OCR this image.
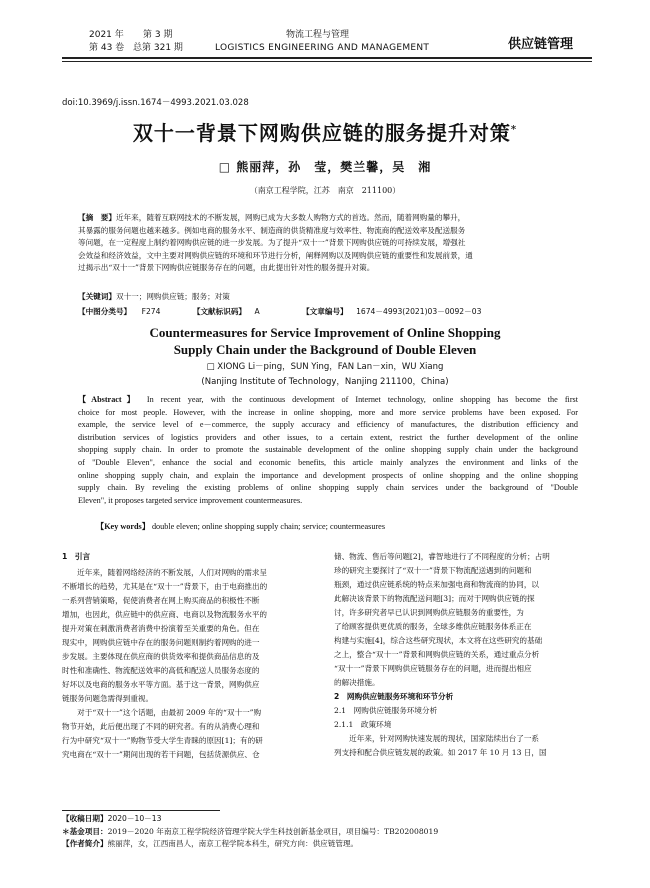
2021 年 第 3 期
第 43 卷 总第 321 期
物流工程与管理
LOGISTICS ENGINEERING AND MANAGEMENT	供应链管理
doi:10.3969/j.issn.1674－4993.2021.03.028
双十一背景下网购供应链的服务提升对策*
□ 熊丽萍，孙　莹，樊兰馨，吴　湘
（南京工程学院，江苏　南京　211100）
【摘　要】近年来，随着互联网技术的不断发展，网购已成为大多数人购物方式的首选。然而，随着网购量的攀升，
其暴露的服务问题也越来越多。例如电商的服务水平、制造商的供货精准度与效率性、物流商的配送效率及配送服务
等问题，在一定程度上制约着网购供应链的进一步发展。为了提升“双十一”背景下网购供应链的可持续发展，增强社
会效益和经济效益，文中主要对网购供应链的环境和环节进行分析，阐释网购以及网购供应链的重要性和发展前景，通
过揭示出“双十一”背景下网购供应链服务存在的问题，由此提出针对性的服务提升对策。
【关键词】双十一；网购供应链；服务；对策
【中图分类号】 F274	【文献标识码】 A	【文章编号】 1674－4993(2021)03－0092－03
Countermeasures for Service Improvement of Online Shopping
Supply Chain under the Background of Double Eleven
□ XIONG Li－ping，SUN Ying，FAN Lan－xin，WU Xiang
(Nanjing Institute of Technology，Nanjing 211100，China)
【Abstract】 In recent year, with the continuous development of Internet technology, online shopping has become the first
choice for most people. However, with the increase in online shopping, more and more service problems have been exposed. For
example, the service level of e－commerce, the supply accuracy and efficiency of manufactures, the distribution efficiency and
distribution services of logistics providers and other issues, to a certain extent, restrict the further development of the online
shopping supply chain. In order to promote the sustainable development of the online shopping supply chain under the background
of "Double Eleven", enhance the social and economic benefits, this article mainly analyzes the environment and links of the
online shopping supply chain, and explain the importance and development prospects of online shopping and the online shopping
supply chain. By reveling the existing problems of online shopping supply chain services under the background of "Double
Eleven", it proposes targeted service improvement countermeasures.
【Key words】 double eleven; online shopping supply chain; service; countermeasures
1　引言
　　近年来，随着网络经济的不断发展，人们对网购的需求呈
不断增长的趋势，尤其是在“双十一”背景下，由于电商推出的
一系列营销策略，促使消费者在网上购买商品的积极性不断
增加，也因此，供应链中的供应商、电商以及物流服务水平的
提升对策在刺激消费者消费中扮演着至关重要的角色。但在
现实中，网购供应链中存在的服务问题则制约着网购的进一
步发展。主要体现在供应商的供货效率和提供商品信息的及
时性和准确性、物流配送效率的高低和配送人员服务态度的
好坏以及电商的服务水平等方面。基于这一背景，网购供应
链服务问题急需得到重视。
　　对于“双十一”这个话题，由最初 2009 年的“双十一”购
物节开始，此后便出现了不同的研究者。有的从消费心理和
行为中研究“双十一”购物节受大学生青睐的原因[1]；有的研
究电商在“双十一”期间出现的若干问题，包括货源供应、仓
储、物流、售后等问题[2]，睿智地进行了不同程度的分析；占明
珍的研究主要探讨了“双十一”背景下物流配送遇到的问题和
瓶颈，通过供应链系统的特点来加强电商和物流商的协同，以
此解决该背景下的物流配送问题[3]；而对于网购供应链的探
讨，许多研究者早已认识到网购供应链服务的重要性，为
了给顾客提供更优质的服务，全球多维供应链服务体系正在
构建与实施[4]，综合这些研究现状，本文将在这些研究的基础
之上，整合“双十一”背景和网购供应链的关系，通过重点分析
“双十一”背景下网购供应链服务存在的问题，进而提出相应
的解决措施。
2　网购供应链服务环境和环节分析
2.1　网购供应链服务环境分析
2.1.1　政策环境
　　近年来，针对网购快速发展的现状，国家陆续出台了一系
列支持和配合供应链发展的政策。如 2017 年 10 月 13 日，国
【收稿日期】2020－10－13
＊基金项目：2019－2020 年南京工程学院经济管理学院大学生科技创新基金项目，项目编号：TB202008019
【作者简介】熊丽萍，女，江西南昌人，南京工程学院本科生，研究方向：供应链管理。
